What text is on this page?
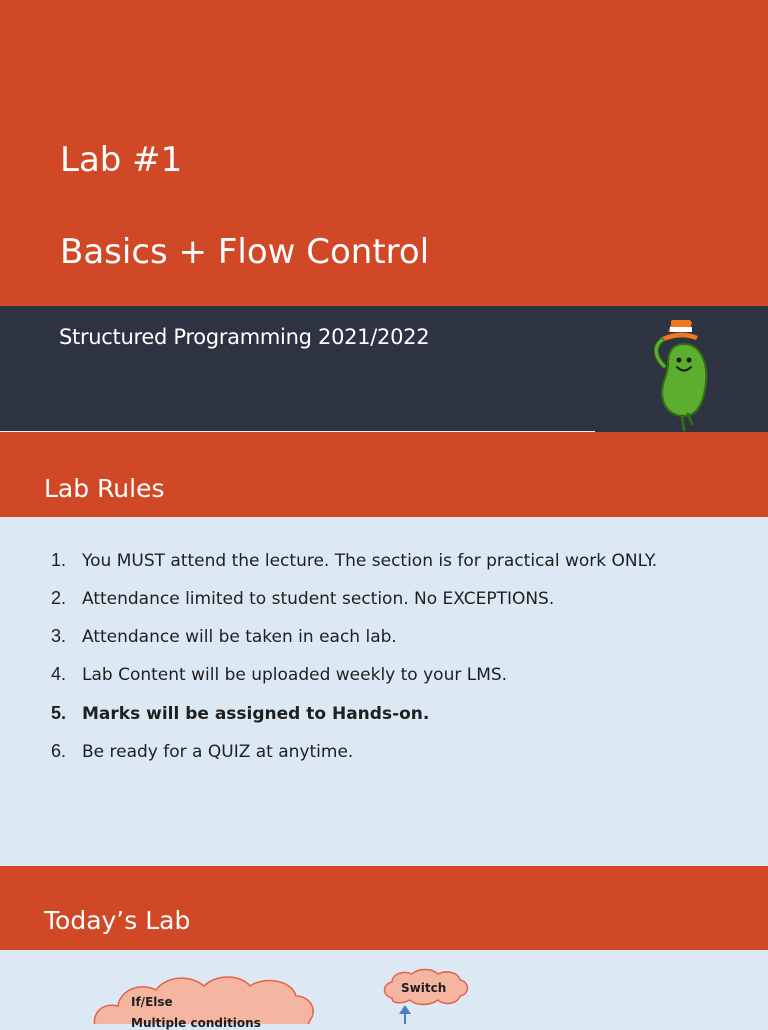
Lab #1
Basics + Flow Control
Structured Programming 2021/2022
Lab Rules
1. You MUST attend the lecture. The section is for practical work ONLY.
2. Attendance limited to student section. No EXCEPTIONS.
3. Attendance will be taken in each lab.
4. Lab Content will be uploaded weekly to your LMS.
5. Marks will be assigned to Hands-on.
6. Be ready for a QUIZ at anytime.
Today’s Lab
If/Else
Multiple conditions
Switch
